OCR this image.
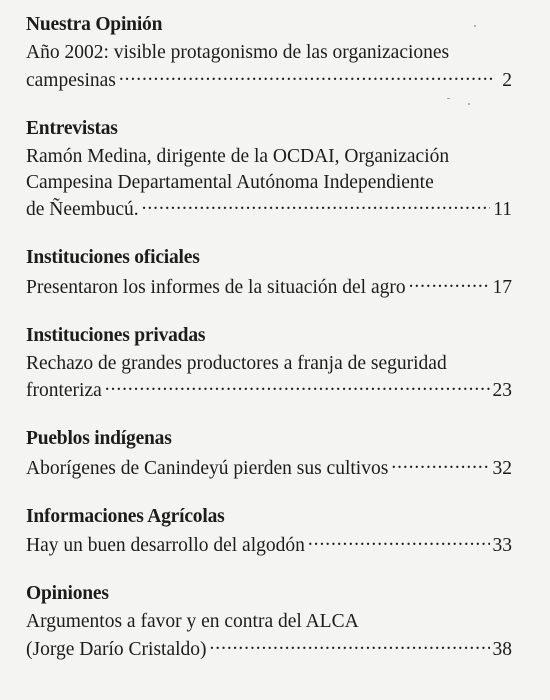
Nuestra Opinión
Año 2002: visible protagonismo de las organizaciones
campesinas .....	2
Entrevistas
Ramón Medina, dirigente de la OCDAI, Organización
Campesina Departamental Autónoma Independiente
de Ñeembucú. .....	11
Instituciones oficiales
Presentaron los informes de la situación del agro .....	17
Instituciones privadas
Rechazo de grandes productores a franja de seguridad
fronteriza .....	23
Pueblos indígenas
Aborígenes de Canindeyú pierden sus cultivos .....	32
Informaciones Agrícolas
Hay un buen desarrollo del algodón .....	33
Opiniones
Argumentos a favor y en contra del ALCA
(Jorge Darío Cristaldo) .....	38
